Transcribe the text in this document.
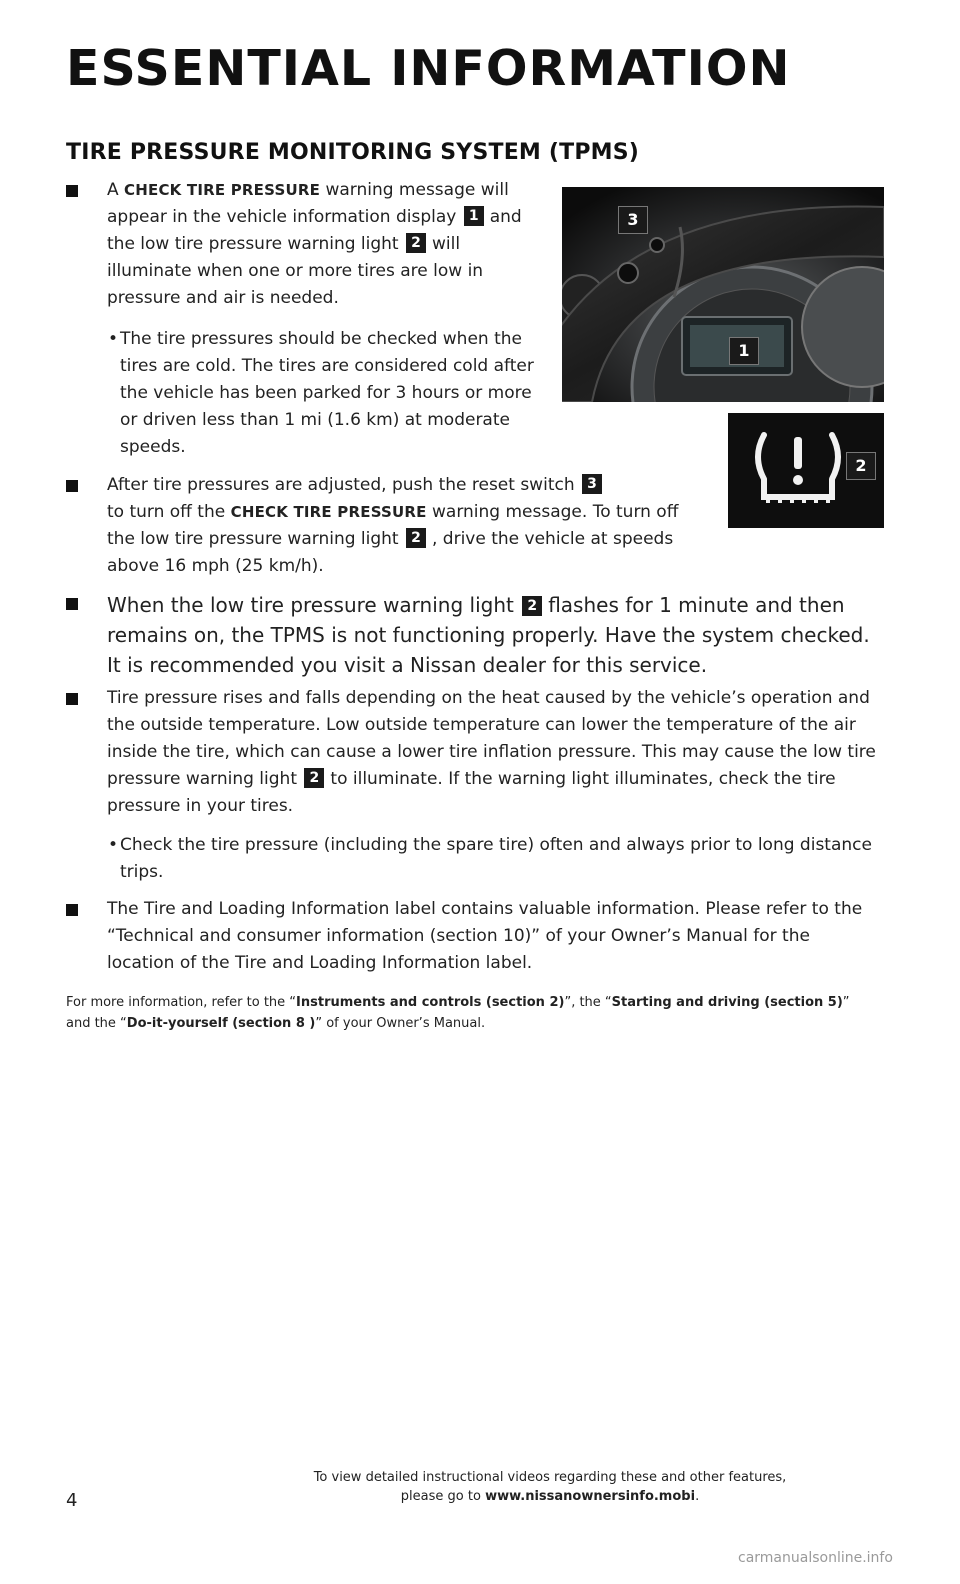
ESSENTIAL INFORMATION
TIRE PRESSURE MONITORING SYSTEM (TPMS)

A CHECK TIRE PRESSURE warning message will appear in the vehicle information display 1 and the low tire pressure warning light 2 will illuminate when one or more tires are low in pressure and air is needed.

• The tire pressures should be checked when the tires are cold. The tires are considered cold after the vehicle has been parked for 3 hours or more or driven less than 1 mi (1.6 km) at moderate speeds.

After tire pressures are adjusted, push the reset switch 3
to turn off the CHECK TIRE PRESSURE warning message. To turn off the low tire pressure warning light 2 , drive the vehicle at speeds above 16 mph (25 km/h).

When the low tire pressure warning light 2 flashes for 1 minute and then remains on, the TPMS is not functioning properly. Have the system checked. It is recommended you visit a Nissan dealer for this service.

Tire pressure rises and falls depending on the heat caused by the vehicle’s operation and the outside temperature. Low outside temperature can lower the temperature of the air inside the tire, which can cause a lower tire inflation pressure. This may cause the low tire pressure warning light 2 to illuminate. If the warning light illuminates, check the tire pressure in your tires.

• Check the tire pressure (including the spare tire) often and always prior to long distance trips.

The Tire and Loading Information label contains valuable information. Please refer to the “Technical and consumer information (section 10)” of your Owner’s Manual for the location of the Tire and Loading Information label.

For more information, refer to the “Instruments and controls (section 2)”, the “Starting and driving (section 5)” and the “Do-it-yourself (section 8 )” of your Owner’s Manual.

3
1
2
4
To view detailed instructional videos regarding these and other features,
please go to www.nissanownersinfo.mobi.
carmanualsonline.info
